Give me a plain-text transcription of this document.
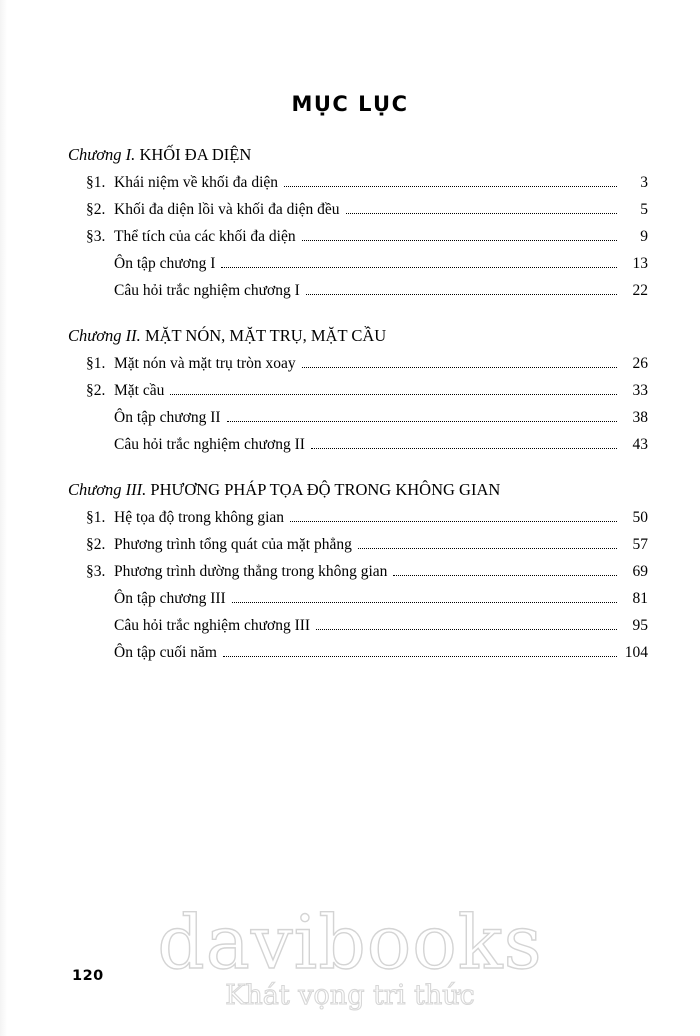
MỤC LỤC
Chương I. KHỐI ĐA DIỆN
§1. Khái niệm về khối đa diện	3
§2. Khối đa diện lồi và khối đa diện đều	5
§3. Thể tích của các khối đa diện	9
Ôn tập chương I	13
Câu hỏi trắc nghiệm chương I	22
Chương II. MẶT NÓN, MẶT TRỤ, MẶT CẦU
§1. Mặt nón và mặt trụ tròn xoay	26
§2. Mặt cầu	33
Ôn tập chương II	38
Câu hỏi trắc nghiệm chương II	43
Chương III. PHƯƠNG PHÁP TỌA ĐỘ TRONG KHÔNG GIAN
§1. Hệ tọa độ trong không gian	50
§2. Phương trình tổng quát của mặt phẳng	57
§3. Phương trình dường thẳng trong không gian	69
Ôn tập chương III	81
Câu hỏi trắc nghiệm chương III	95
Ôn tập cuối năm	104
120 davibooks
Khát vọng tri thức
